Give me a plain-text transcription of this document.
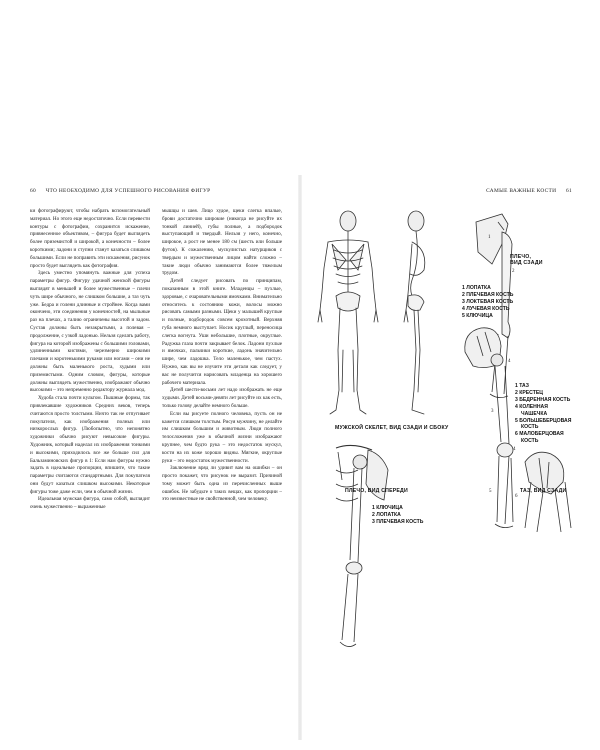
60 ЧТО НЕОБХОДИМО ДЛЯ УСПЕШНОГО РИСОВАНИЯ ФИГУР

ки фотографируют, чтобы набрать вспомогательный материал. Но этого еще недостаточно. Если перевести контуры с фотографии, сохранится искажение, привнесенное объективом, – фигура будет выглядеть более приземистой и широкой, а конечности – более короткими; ладони и ступни станут казаться слишком большими. Если не поправить эти искажения, рисунок просто будет выглядеть как фотография.

Здесь уместно упомянуть важные для успеха параметры фигур. Фигуру удачной женской фигуры выглядят в меньшей и более мужественные – плечи чуть шире обычного, не слишком большие, а таз чуть уже. Бедра и голени длинные и стройнее. Когда вами окончено, эти соединения у конечностей, на мыльные раз на плечах, а талию ограничены высотой и задом. Сустав должны быть незакрытыми, а полевая – продолжение, с узкой ладонью. Нельзя сделать работу, фигура на которой изображены с большими головами, удлиненными кистями, черезмерно широкими плечами и коротенькими руками или ногами – они не должны быть маленького роста, худыми или приземистыми. Одним словом, фигуры, которые должны выглядеть мужественно, изображают обычно высокими – это непременно редактору журнала мод.

Худоба стала почти культом. Пышные формы, так привлекавшие художников Средних веков, теперь считаются просто толстыми. Ничто так не отпугивает покупателя, как изображения полных или низкорослых фигур. (Любопытно, что непонятно художники обычно рисуют невысокие фигуры. Художник, который наделал их изображения тонкими и высокими, приходилось все же больше сил для Бальзаминовских фигур в 1: Если нам фигуры нужно задать в идеальные пропорции, впишите, что такие параметры считаются стандартными. Для покупателя они будут казаться слишком высокими. Некоторые фигуры тоже даже если, чем в обычной жизни.

Идеальная мужская фигура, само собой, выглядит очень мужественно – выраженные

мышцы и шея. Лицо худое, щеки слегка впалые, брови достаточно широкие (никогда не рисуйте их тонкой линией), губы полные, а подбородок выступающий и твердый. Нельзя у него, конечно, широкое, а рост не менее 180 см (шесть или больше футов). К сожалению, мускулистых натурщиков с твердым и мужественным лицом найти сложно – такие люди обычно занимаются более тяжелым трудом.

Детей следует рисовать по принципам, показанным в этой книге. Младенцы – пухлые, здоровые, с очаровательными ямочками. Внимательно относитесь к состоянию кожи, волосы можно рисовать самыми разными. Щеки у малышей круглые и полные, подбородок совсем крохотный. Верхняя губа немного выступает. Носик круглый, переносица слегка вогнута. Уши небольшие, плотные, округлые. Радужка глаза почти закрывает белок. Ладони пухлые и ямочках, пальчики короткие, ладонь значительно шире, чем ладошка. Тело маленькое, чем пастух. Нужно, как вы не изучите эти детали как следует, у вас не получится нарисовать младенца на хорошего рабочего материала.

Детей шести-восьми лет надо изображать не еще худыми. Детей восьми-девяти лет рисуйте их как есть, только голову делайте немного больше.

Если вы рисуете полного человека, пусть он не кажется слишком толстым. Рисуя мужчину, не делайте им слишком большим и животным. Люди полного телосложения уже в обычной жизни изображают крупнее, чем будто рука – это недостаток мускул, кости на их коже хорошо видны. Мягкие, округлые руки – это недостаток мужественности.

Заключение вряд ли удивит вам на ошибки – он просто покажет, что рисунок не выразит. Причиной тому может быть одна из перечисленных выше ошибок. Не забудьте о таких вещах, как пропорции – это неизвестные не свойственной, чем человеку.

САМЫЕ ВАЖНЫЕ КОСТИ 61
МУЖСКОЙ СКЕЛЕТ, ВИД СЗАДИ И СБОКУ
1
2
4
ПЛЕЧО,
ВИД СЗАДИ
1 ЛОПАТКА
2 ПЛЕЧЕВАЯ КОСТЬ
3 ЛОКТЕВАЯ КОСТЬ
4 ЛУЧЕВАЯ КОСТЬ
5 КЛЮЧИЦА
3
4
5
6
1 ТАЗ
2 КРЕСТЕЦ
3 БЕДРЕННАЯ КОСТЬ
4 КОЛЕННАЯ
ЧАШЕЧКА
5 БОЛЬШЕБЕРЦОВАЯ
КОСТЬ
6 МАЛОБЕРЦОВАЯ
КОСТЬ
ТАЗ, ВИД СЗАДИ
ПЛЕЧО, ВИД СПЕРЕДИ
1 КЛЮЧИЦА
2 ЛОПАТКА
3 ПЛЕЧЕВАЯ КОСТЬ
